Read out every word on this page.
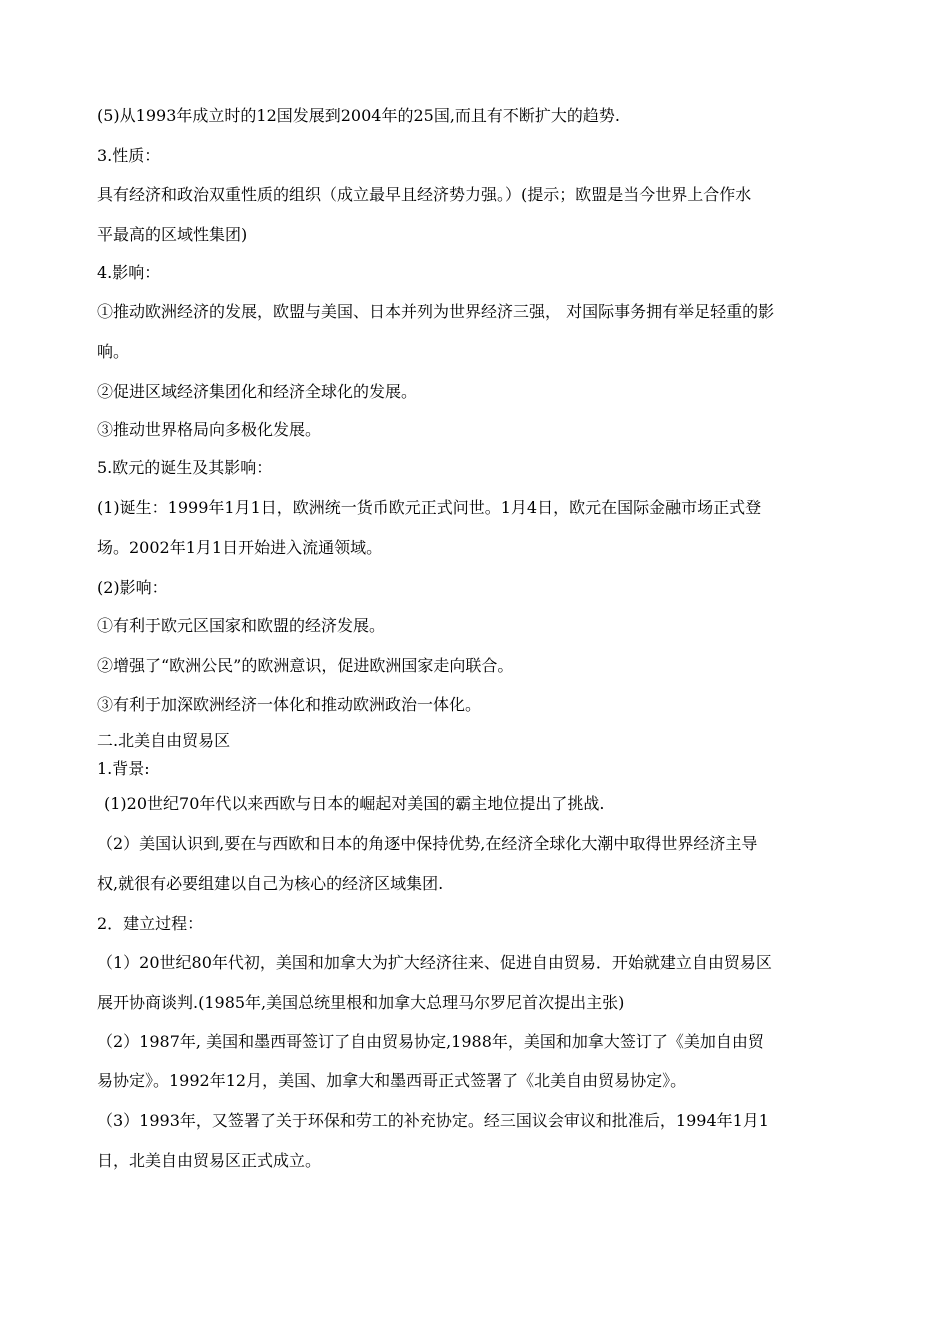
(5)从1993年成立时的12国发展到2004年的25国,而且有不断扩大的趋势.
3.性质：
具有经济和政治双重性质的组织（成立最早且经济势力强。）(提示；欧盟是当今世界上合作水
平最高的区域性集团)
4.影响：
①推动欧洲经济的发展，欧盟与美国、日本并列为世界经济三强， 对国际事务拥有举足轻重的影
响。
②促进区域经济集团化和经济全球化的发展。
③推动世界格局向多极化发展。
5.欧元的诞生及其影响：
(1)诞生：1999年1月1日，欧洲统一货币欧元正式问世。1月4日，欧元在国际金融市场正式登
场。2002年1月1日开始进入流通领域。
(2)影响：
①有利于欧元区国家和欧盟的经济发展。
②增强了“欧洲公民”的欧洲意识，促进欧洲国家走向联合。
③有利于加深欧洲经济一体化和推动欧洲政治一体化。
二.北美自由贸易区
1.背景:
(1)20世纪70年代以来西欧与日本的崛起对美国的霸主地位提出了挑战.
（2）美国认识到,要在与西欧和日本的角逐中保持优势,在经济全球化大潮中取得世界经济主导
权,就很有必要组建以自己为核心的经济区域集团.
2．建立过程：
（1）20世纪80年代初，美国和加拿大为扩大经济往来、促进自由贸易．开始就建立自由贸易区
展开协商谈判.(1985年,美国总统里根和加拿大总理马尔罗尼首次提出主张)
（2）1987年, 美国和墨西哥签订了自由贸易协定,1988年，美国和加拿大签订了《美加自由贸
易协定》。1992年12月，美国、加拿大和墨西哥正式签署了《北美自由贸易协定》。
（3）1993年，又签署了关于环保和劳工的补充协定。经三国议会审议和批准后，1994年1月1
日，北美自由贸易区正式成立。
